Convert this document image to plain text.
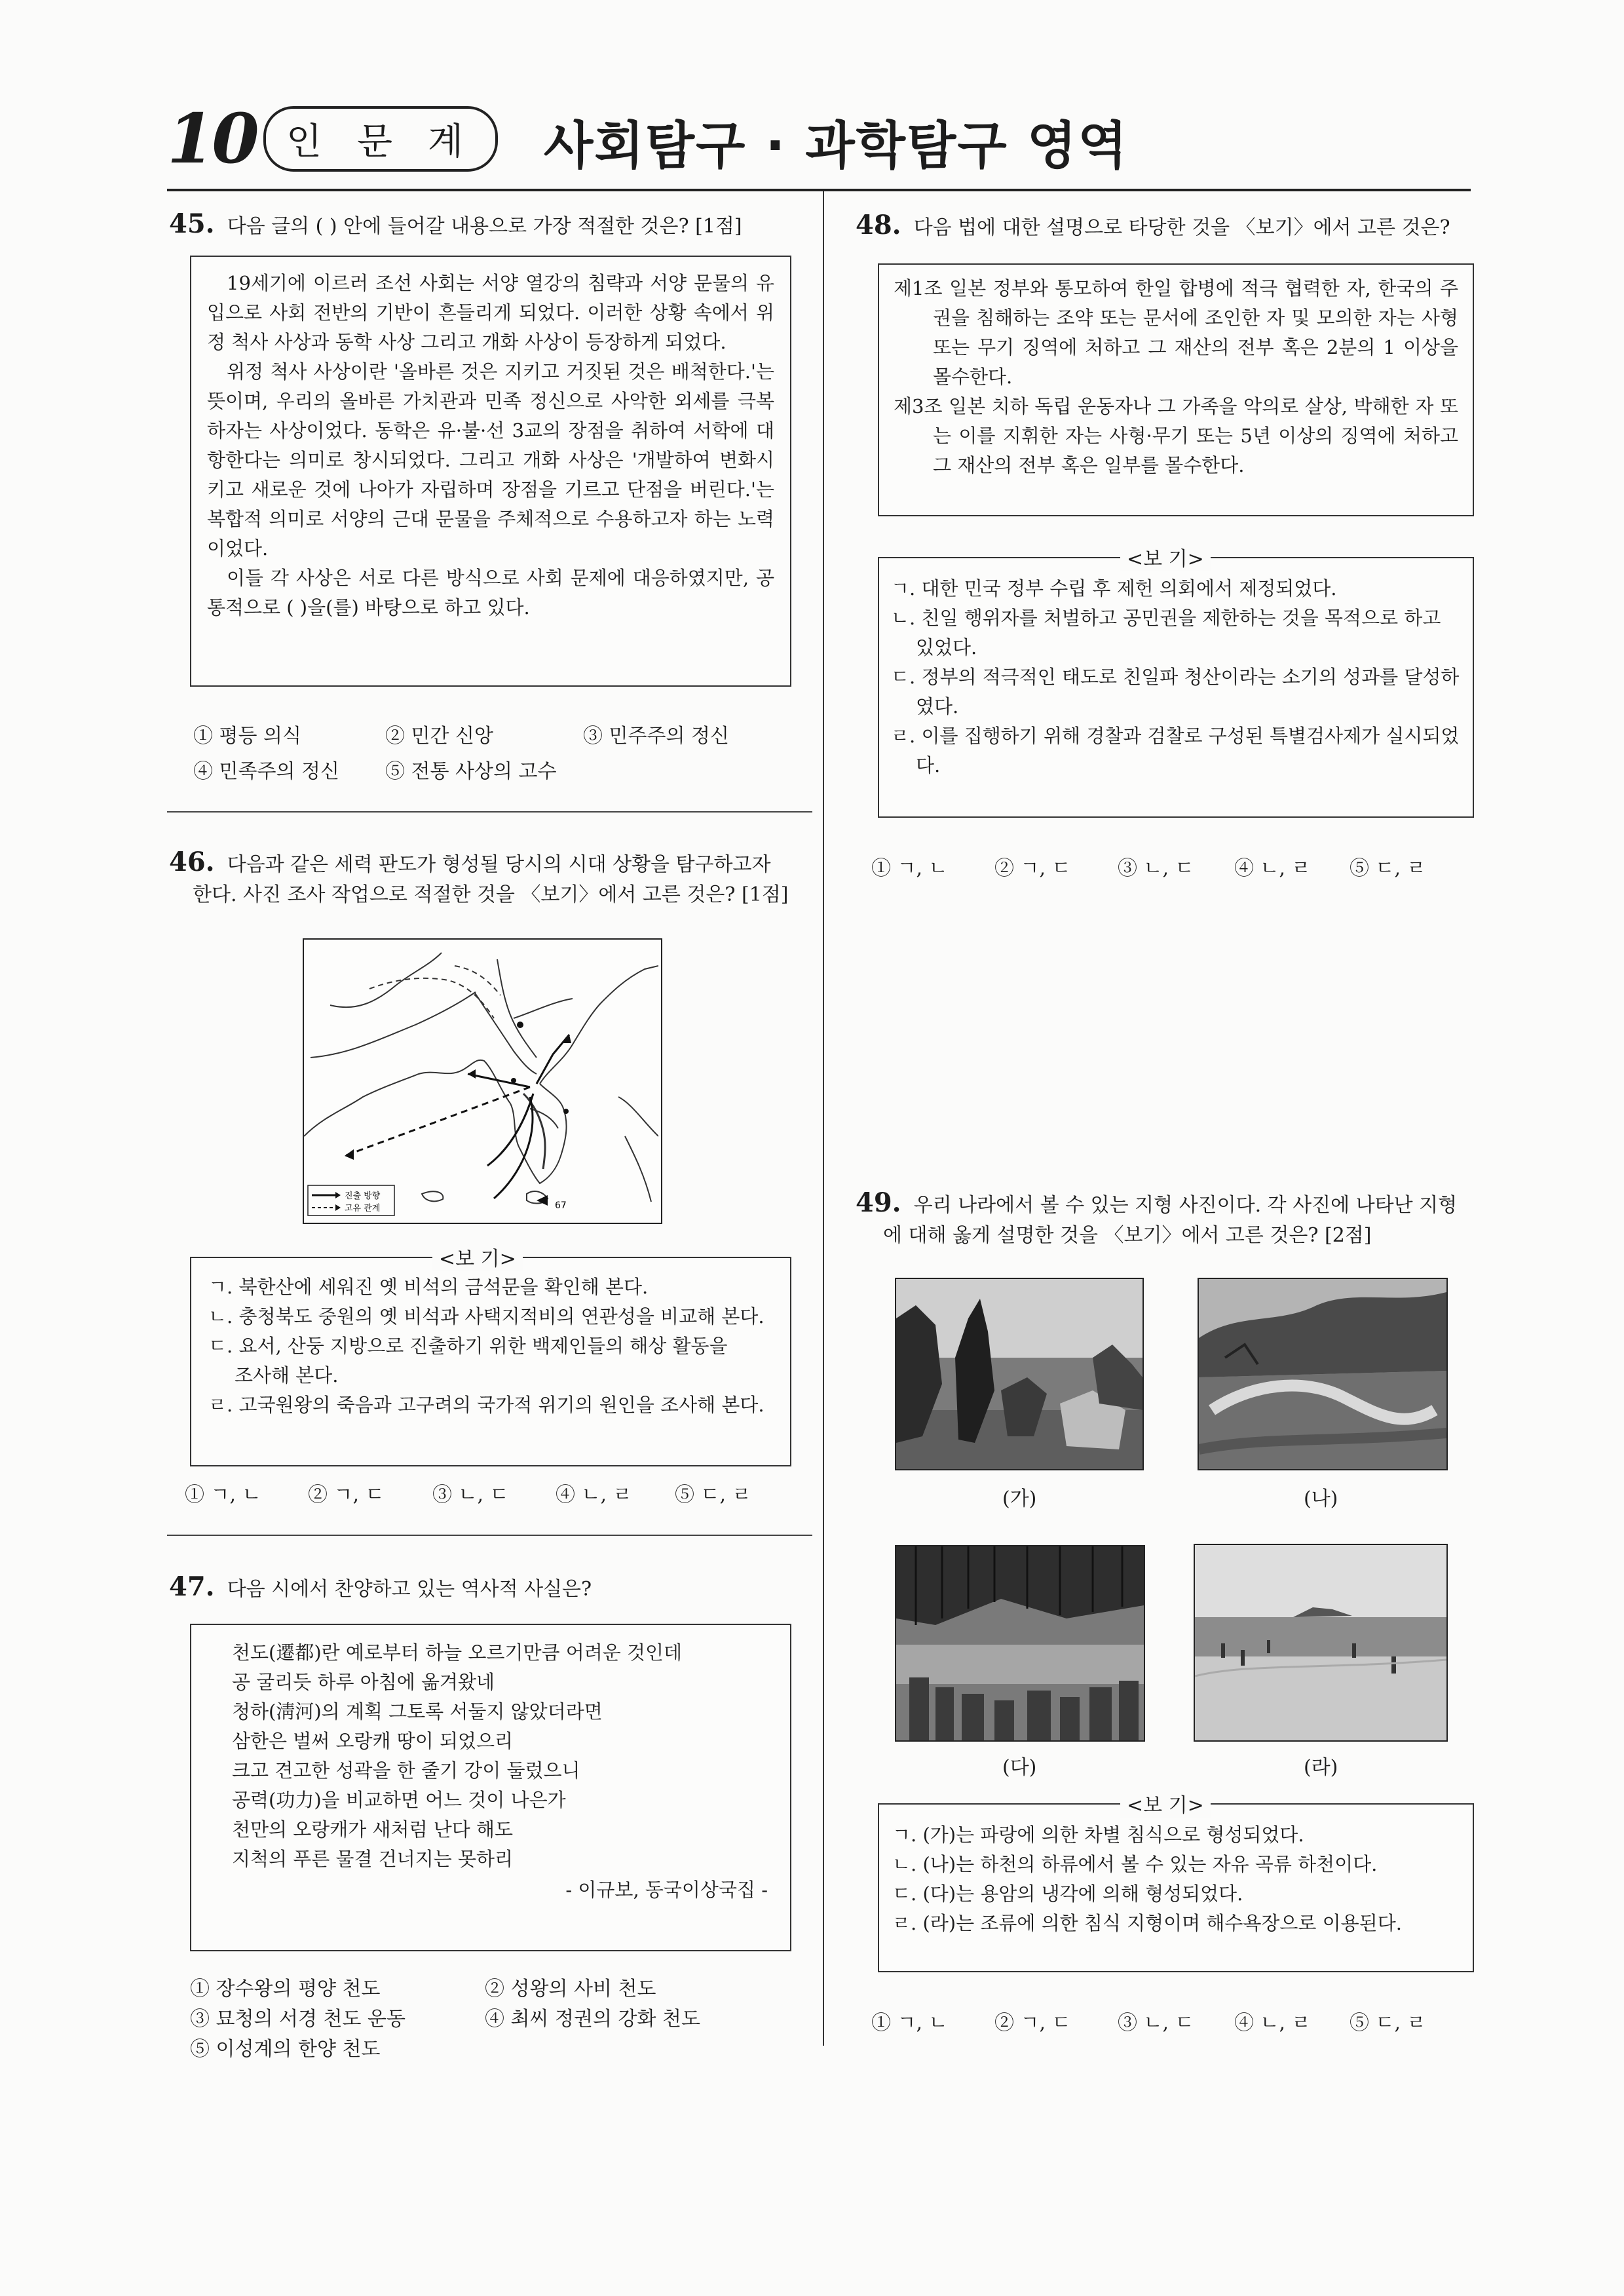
10 인 문 계	사회탐구 · 과학탐구 영역
45. 다음 글의 ( ) 안에 들어갈 내용으로 가장 적절한 것은? [1점]

19세기에 이르러 조선 사회는 서양 열강의 침략과 서양 문물의 유입으로 사회 전반의 기반이 흔들리게 되었다. 이러한 상황 속에서 위정 척사 사상과 동학 사상 그리고 개화 사상이 등장하게 되었다.

위정 척사 사상이란 '올바른 것은 지키고 거짓된 것은 배척한다.'는 뜻이며, 우리의 올바른 가치관과 민족 정신으로 사악한 외세를 극복하자는 사상이었다. 동학은 유·불·선 3교의 장점을 취하여 서학에 대항한다는 의미로 창시되었다. 그리고 개화 사상은 '개발하여 변화시키고 새로운 것에 나아가 자립하며 장점을 기르고 단점을 버린다.'는 복합적 의미로 서양의 근대 문물을 주체적으로 수용하고자 하는 노력이었다.

이들 각 사상은 서로 다른 방식으로 사회 문제에 대응하였지만, 공통적으로 ( )을(를) 바탕으로 하고 있다.

① 평등 의식	② 민간 신앙	③ 민주주의 정신
④ 민족주의 정신 ⑤ 전통 사상의 고수
46. 다음과 같은 세력 판도가 형성될 당시의 시대 상황을 탐구하고자
한다. 사진 조사 작업으로 적절한 것을 〈보기〉에서 고른 것은? [1점]
67
진출 방향
고유 관계
<보 기>
ㄱ. 북한산에 세워진 옛 비석의 금석문을 확인해 본다.
ㄴ. 충청북도 중원의 옛 비석과 사택지적비의 연관성을 비교해 본다.
ㄷ. 요서, 산둥 지방으로 진출하기 위한 백제인들의 해상 활동을
조사해 본다.
ㄹ. 고국원왕의 죽음과 고구려의 국가적 위기의 원인을 조사해 본다.
① ㄱ, ㄴ ② ㄱ, ㄷ ③ ㄴ, ㄷ ④ ㄴ, ㄹ ⑤ ㄷ, ㄹ
47. 다음 시에서 찬양하고 있는 역사적 사실은?
천도(遷都)란 예로부터 하늘 오르기만큼 어려운 것인데
공 굴리듯 하루 아침에 옮겨왔네
청하(淸河)의 계획 그토록 서둘지 않았더라면
삼한은 벌써 오랑캐 땅이 되었으리
크고 견고한 성곽을 한 줄기 강이 둘렀으니
공력(功力)을 비교하면 어느 것이 나은가
천만의 오랑캐가 새처럼 난다 해도
지척의 푸른 물결 건너지는 못하리
- 이규보, 동국이상국집 -
① 장수왕의 평양 천도	② 성왕의 사비 천도
③ 묘청의 서경 천도 운동	④ 최씨 정권의 강화 천도
⑤ 이성계의 한양 천도
48. 다음 법에 대한 설명으로 타당한 것을 〈보기〉에서 고른 것은?

제1조 일본 정부와 통모하여 한일 합병에 적극 협력한 자, 한국의 주권을 침해하는 조약 또는 문서에 조인한 자 및 모의한 자는 사형 또는 무기 징역에 처하고 그 재산의 전부 혹은 2분의 1 이상을 몰수한다.

제3조 일본 치하 독립 운동자나 그 가족을 악의로 살상, 박해한 자 또는 이를 지휘한 자는 사형·무기 또는 5년 이상의 징역에 처하고 그 재산의 전부 혹은 일부를 몰수한다.

<보 기>
ㄱ. 대한 민국 정부 수립 후 제헌 의회에서 제정되었다.
ㄴ. 친일 행위자를 처벌하고 공민권을 제한하는 것을 목적으로 하고 있었다.
ㄷ. 정부의 적극적인 태도로 친일파 청산이라는 소기의 성과를 달성하였다.
ㄹ. 이를 집행하기 위해 경찰과 검찰로 구성된 특별검사제가 실시되었다.
① ㄱ, ㄴ ② ㄱ, ㄷ ③ ㄴ, ㄷ ④ ㄴ, ㄹ ⑤ ㄷ, ㄹ
49. 우리 나라에서 볼 수 있는 지형 사진이다. 각 사진에 나타난 지형
에 대해 옳게 설명한 것을 〈보기〉에서 고른 것은? [2점]
(가)	(나)
(다)	(라)
<보 기>
ㄱ. (가)는 파랑에 의한 차별 침식으로 형성되었다.
ㄴ. (나)는 하천의 하류에서 볼 수 있는 자유 곡류 하천이다.
ㄷ. (다)는 용암의 냉각에 의해 형성되었다.
ㄹ. (라)는 조류에 의한 침식 지형이며 해수욕장으로 이용된다.
① ㄱ, ㄴ ② ㄱ, ㄷ ③ ㄴ, ㄷ ④ ㄴ, ㄹ ⑤ ㄷ, ㄹ
